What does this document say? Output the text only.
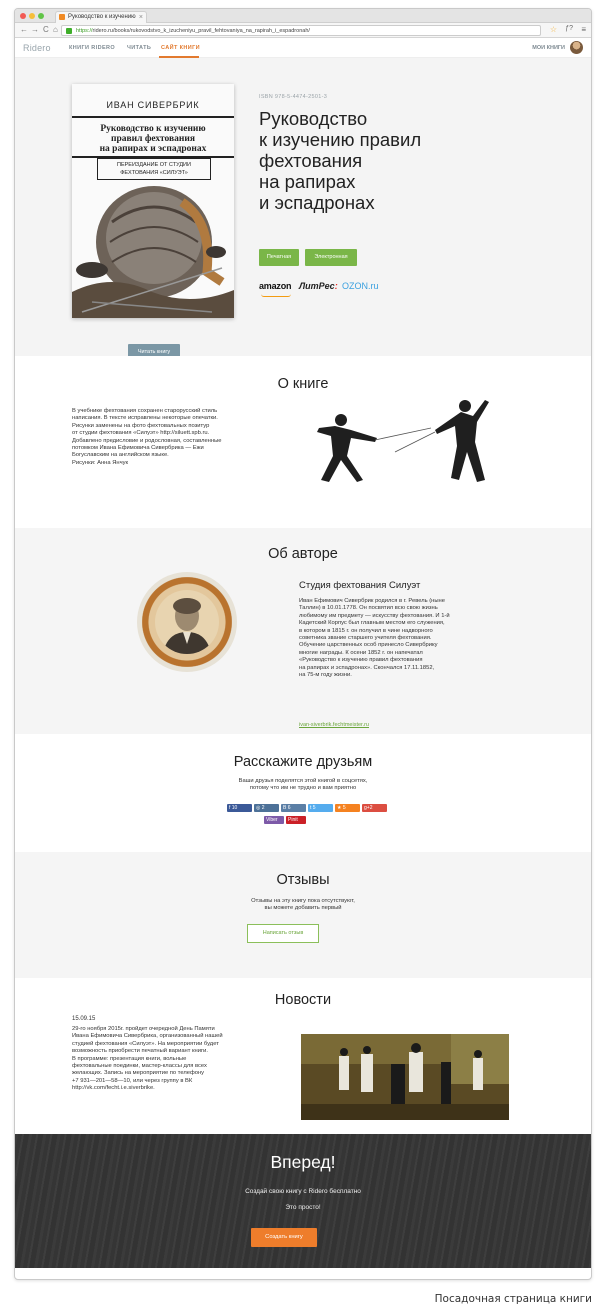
Руководство к изучению ×
← → C ⌂	https://ridero.ru/books/rukovodstvo_k_izucheniyu_pravil_fehtovaniya_na_rapirah_i_espadronah/	☆ ƒ? ≡
Ridero	КНИГИ RIDERO ЧИТАТЬ САЙТ КНИГИ	МОИ КНИГИ
ИВАН СИВЕРБРИК
Руководство к изучению
правил фехтования
на рапирах и эспадронах
ПЕРЕИЗДАНИЕ ОТ СТУДИИ
ФЕХТОВАНИЯ «СИЛУЭТ»
Читать книгу
ISBN 978-5-4474-2501-3
Руководство
к изучению правил
фехтования
на рапирах
и эспадронах
Печатная	Электронная
amazon ЛитРес: OZON.ru
О книге
В учебнике фехтования сохранен старорусский стиль
написания. В тексте исправлены некоторые опечатки.
Рисунки заменены на фото фехтовальных позитур
от студии фехтования «Силуэт» http://siluett.spb.ru.
Добавлено предисловие и родословная, составленные
потомком Ивана Ефимовича Сивербрика — Ежи
Богуславским на английском языке.
Рисунки: Анна Янчук
Об авторе
Студия фехтования Силуэт
Иван Ефимович Сивербрик родился в г. Ревель (ныне
Таллин) в 10.01.1778. Он посвятил всю свою жизнь
любимому им предмету — искусству фехтования. И 1-й
Кадетский Корпус был главным местом его служения,
в котором в 1815 г. он получил в чине надворного
советника звание старшего учителя фехтования.
Обучение царственных особ принесло Сивербрику
многие награды. К осени 1852 г. он напечатал
«Руководство к изучению правил фехтования
на рапирах и эспадронах». Скончался 17.11.1852,
на 75-м году жизни.
ivan-siverbrik.fechtmeister.ru
Расскажите друзьям
Ваши друзья поделятся этой книгой в соцсетях,
потому что им не трудно и вам приятно
f 10	◎ 2	В 6	t 5	★ 5	g+2
Viber	Pinit
Отзывы
Отзывы на эту книгу пока отсутствуют,
вы можете добавить первый
Написать отзыв
Новости
15.09.15
29-го ноября 2015г. пройдет очередной День Памяти
Ивана Ефимовича Сивербрика, организованный нашей
студией фехтования «Силуэт». На мероприятии будет
возможность приобрести печатный вариант книги.
В программе: презентация книги, вольные
фехтовальные поединки, мастер-классы для всех
желающих. Запись на мероприятие по телефону
+7 931—201—58—10, или через группу в ВК
http://vk.com/fecht.i.e.siverbrike.
Вперед!
Создай свою книгу с Ridero бесплатно
Это просто!
Создать книгу
Посадочная страница книги
